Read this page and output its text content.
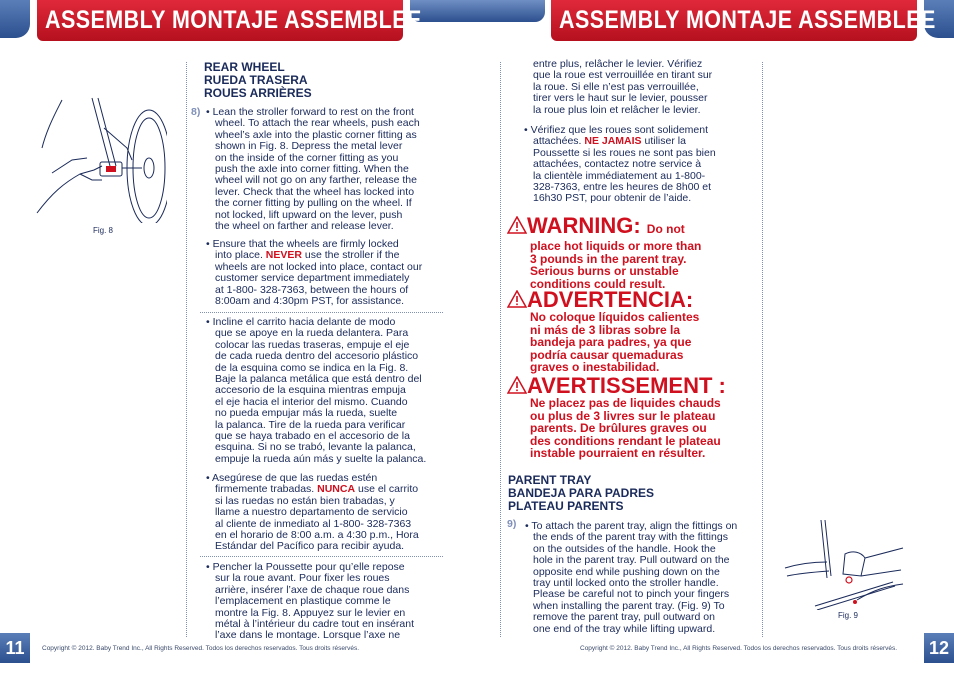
ASSEMBLY MONTAJE ASSEMBLEE	ASSEMBLY MONTAJE ASSEMBLEE
Fig. 8
REAR WHEEL
RUEDA TRASERA
ROUES ARRIÈRES
8) • Lean the stroller forward to rest on the front
wheel. To attach the rear wheels, push each
wheel’s axle into the plastic corner fitting as
shown in Fig. 8. Depress the metal lever
on the inside of the corner fitting as you
push the axle into corner fitting. When the
wheel will not go on any farther, release the
lever. Check that the wheel has locked into
the corner fitting by pulling on the wheel. If
not locked, lift upward on the lever, push
the wheel on farther and release lever.
• Ensure that the wheels are firmly locked
into place. NEVER use the stroller if the
wheels are not locked into place, contact our
customer service department immediately
at 1-800- 328-7363, between the hours of
8:00am and 4:30pm PST, for assistance.
• Incline el carrito hacia delante de modo
que se apoye en la rueda delantera. Para
colocar las ruedas traseras, empuje el eje
de cada rueda dentro del accesorio plástico
de la esquina como se indica en la Fig. 8.
Baje la palanca metálica que está dentro del
accesorio de la esquina mientras empuja
el eje hacia el interior del mismo. Cuando
no pueda empujar más la rueda, suelte
la palanca. Tire de la rueda para verificar
que se haya trabado en el accesorio de la
esquina. Si no se trabó, levante la palanca,
empuje la rueda aún más y suelte la palanca.
• Asegúrese de que las ruedas estén
firmemente trabadas. NUNCA use el carrito
si las ruedas no están bien trabadas, y
llame a nuestro departamento de servicio
al cliente de inmediato al 1-800- 328-7363
en el horario de 8:00 a.m. a 4:30 p.m., Hora
Estándar del Pacífico para recibir ayuda.
• Pencher la Poussette pour qu’elle repose
sur la roue avant. Pour fixer les roues
arrière, insérer l’axe de chaque roue dans
l’emplacement en plastique comme le
montre la Fig. 8. Appuyez sur le levier en
métal à l’intérieur du cadre tout en insérant
l’axe dans le montage. Lorsque l’axe ne
11	Copyright © 2012. Baby Trend Inc., All Rights Reserved. Todos los derechos reservados. Tous droits réservés.
entre plus, relâcher le levier. Vérifiez
que la roue est verrouillée en tirant sur
la roue. Si elle n’est pas verrouillée,
tirer vers le haut sur le levier, pousser
la roue plus loin et relâcher le levier.
• Vérifiez que les roues sont solidement
attachées. NE JAMAIS utiliser la
Poussette si les roues ne sont pas bien
attachées, contactez notre service à
la clientèle immédiatement au 1-800-
328-7363, entre les heures de 8h00 et
16h30 PST, pour obtenir de l’aide.
WARNING: Do not
place hot liquids or more than
3 pounds in the parent tray.
Serious burns or unstable
conditions could result.
ADVERTENCIA:
No coloque líquidos calientes
ni más de 3 libras sobre la
bandeja para padres, ya que
podría causar quemaduras
graves o inestabilidad.
AVERTISSEMENT :
Ne placez pas de liquides chauds
ou plus de 3 livres sur le plateau
parents. De brûlures graves ou
des conditions rendant le plateau
instable pourraient en résulter.
PARENT TRAY
BANDEJA PARA PADRES
PLATEAU PARENTS
9) • To attach the parent tray, align the fittings on
the ends of the parent tray with the fittings
on the outsides of the handle. Hook the
hole in the parent tray. Pull outward on the
opposite end while pushing down on the
tray until locked onto the stroller handle.
Please be careful not to pinch your fingers
when installing the parent tray. (Fig. 9) To
remove the parent tray, pull outward on
one end of the tray while lifting upward.
Fig. 9
12
Copyright © 2012. Baby Trend Inc., All Rights Reserved. Todos los derechos reservados. Tous droits réservés.
